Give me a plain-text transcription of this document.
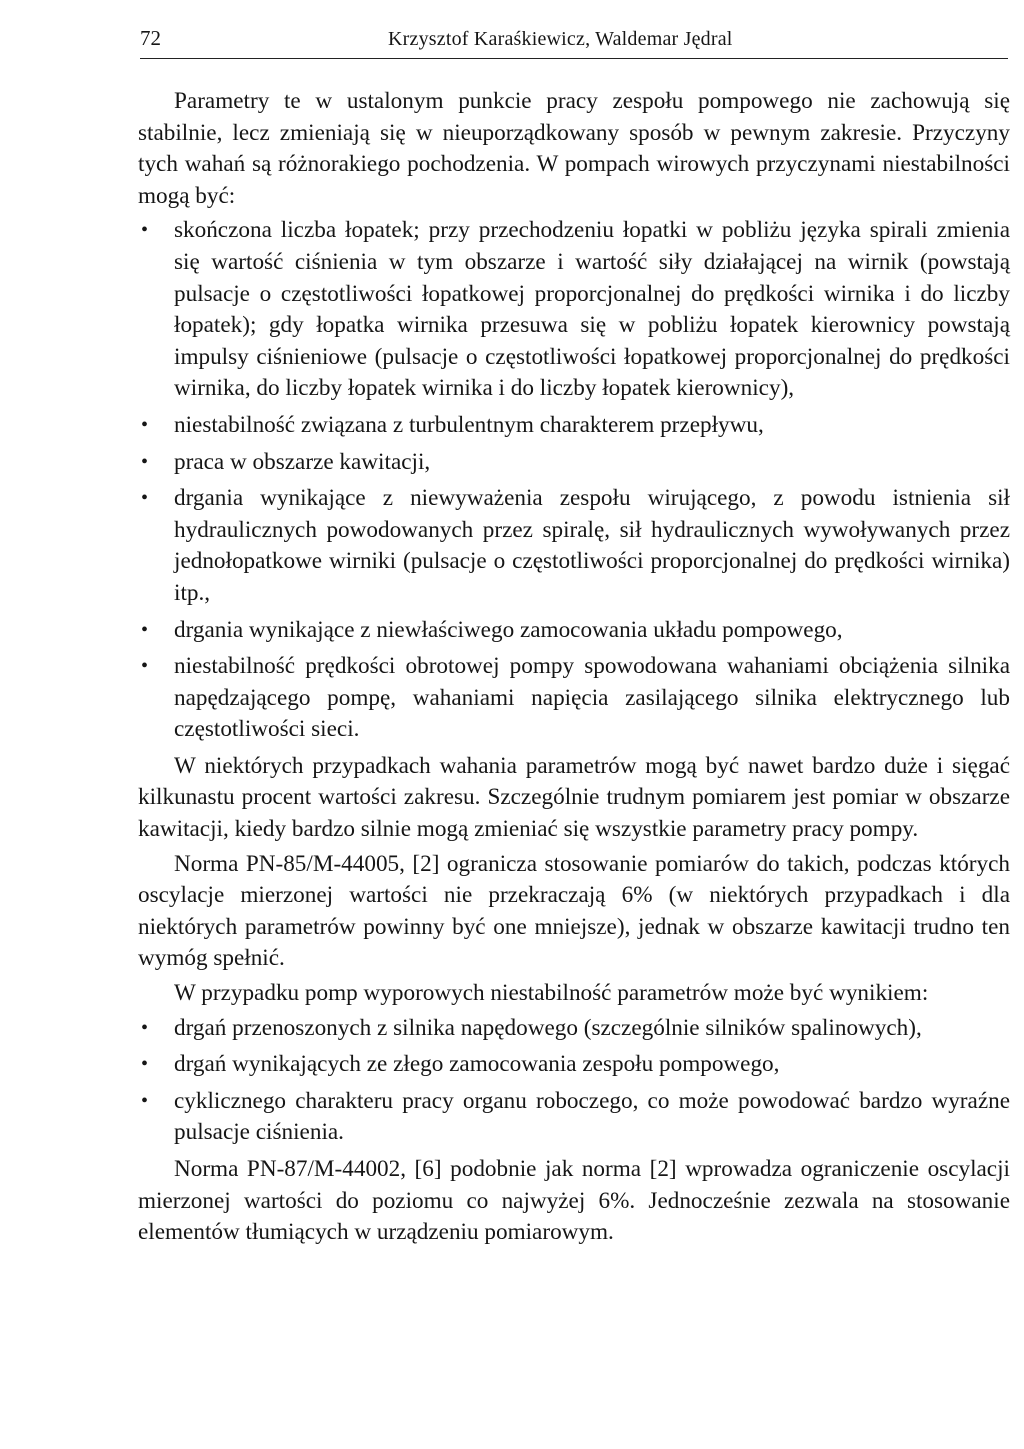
72	Krzysztof Karaśkiewicz, Waldemar Jędral

Parametry te w ustalonym punkcie pracy zespołu pompowego nie zachowują się stabilnie, lecz zmieniają się w nieuporządkowany sposób w pewnym zakresie. Przyczyny tych wahań są różnorakiego pochodzenia. W pompach wirowych przyczynami niestabilności mogą być:

• skończona liczba łopatek; przy przechodzeniu łopatki w pobliżu języka spirali zmienia się wartość ciśnienia w tym obszarze i wartość siły działającej na wirnik (powstają pulsacje o częstotliwości łopatkowej proporcjonalnej do prędkości wirnika i do liczby łopatek); gdy łopatka wirnika przesuwa się w pobliżu łopatek kierownicy powstają impulsy ciśnieniowe (pulsacje o częstotliwości łopatkowej proporcjonalnej do prędkości wirnika, do liczby łopatek wirnika i do liczby łopatek kierownicy),
• niestabilność związana z turbulentnym charakterem przepływu,
• praca w obszarze kawitacji,
• drgania wynikające z niewyważenia zespołu wirującego, z powodu istnienia sił hydraulicznych powodowanych przez spiralę, sił hydraulicznych wywoływanych przez jednołopatkowe wirniki (pulsacje o częstotliwości proporcjonalnej do prędkości wirnika) itp.,
• drgania wynikające z niewłaściwego zamocowania układu pompowego,
• niestabilność prędkości obrotowej pompy spowodowana wahaniami obciążenia silnika napędzającego pompę, wahaniami napięcia zasilającego silnika elektrycznego lub częstotliwości sieci.

W niektórych przypadkach wahania parametrów mogą być nawet bardzo duże i sięgać kilkunastu procent wartości zakresu. Szczególnie trudnym pomiarem jest pomiar w obszarze kawitacji, kiedy bardzo silnie mogą zmieniać się wszystkie parametry pracy pompy.

Norma PN-85/M-44005, [2] ogranicza stosowanie pomiarów do takich, podczas których oscylacje mierzonej wartości nie przekraczają 6% (w niektórych przypadkach i dla niektórych parametrów powinny być one mniejsze), jednak w obszarze kawitacji trudno ten wymóg spełnić.

W przypadku pomp wyporowych niestabilność parametrów może być wynikiem:

• drgań przenoszonych z silnika napędowego (szczególnie silników spalinowych),
• drgań wynikających ze złego zamocowania zespołu pompowego,
• cyklicznego charakteru pracy organu roboczego, co może powodować bardzo wyraźne pulsacje ciśnienia.

Norma PN-87/M-44002, [6] podobnie jak norma [2] wprowadza ograniczenie oscylacji mierzonej wartości do poziomu co najwyżej 6%. Jednocześnie zezwala na stosowanie elementów tłumiących w urządzeniu pomiarowym.
